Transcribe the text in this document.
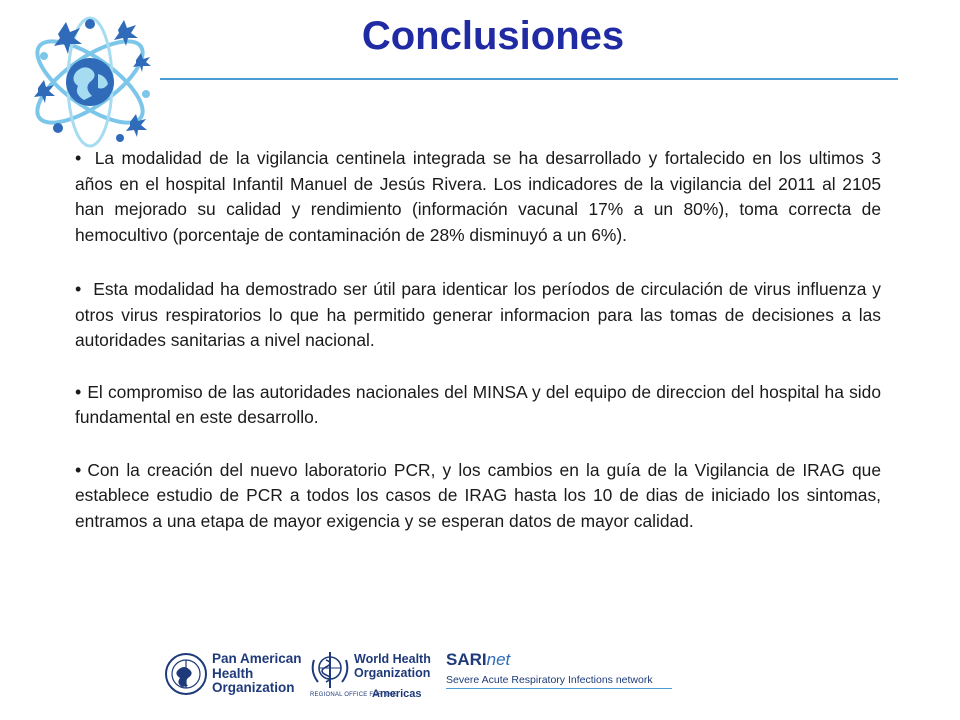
Conclusiones

• La modalidad de la vigilancia centinela integrada se ha desarrollado y fortalecido en los ultimos 3 años en el hospital Infantil Manuel de Jesús Rivera. Los indicadores de la vigilancia del 2011 al 2105 han mejorado su calidad y rendimiento (información vacunal 17% a un 80%), toma correcta de hemocultivo (porcentaje de contaminación de 28% disminuyó a un 6%).

• Esta modalidad ha demostrado ser útil para identicar los períodos de circulación de virus influenza y otros virus respiratorios lo que ha permitido generar informacion para las tomas de decisiones a las autoridades sanitarias a nivel nacional.

• El compromiso de las autoridades nacionales del MINSA y del equipo de direccion del hospital ha sido fundamental en este desarrollo.

• Con la creación del nuevo laboratorio PCR, y los cambios en la guía de la Vigilancia de IRAG que establece estudio de PCR a todos los casos de IRAG hasta los 10 de dias de iniciado los sintomas, entramos a una etapa de mayor exigencia y se esperan datos de mayor calidad.

Pan American
Health
Organization
World Health
Organization
REGIONAL OFFICE FOR THE
Americas
SARInet
Severe Acute Respiratory Infections network
